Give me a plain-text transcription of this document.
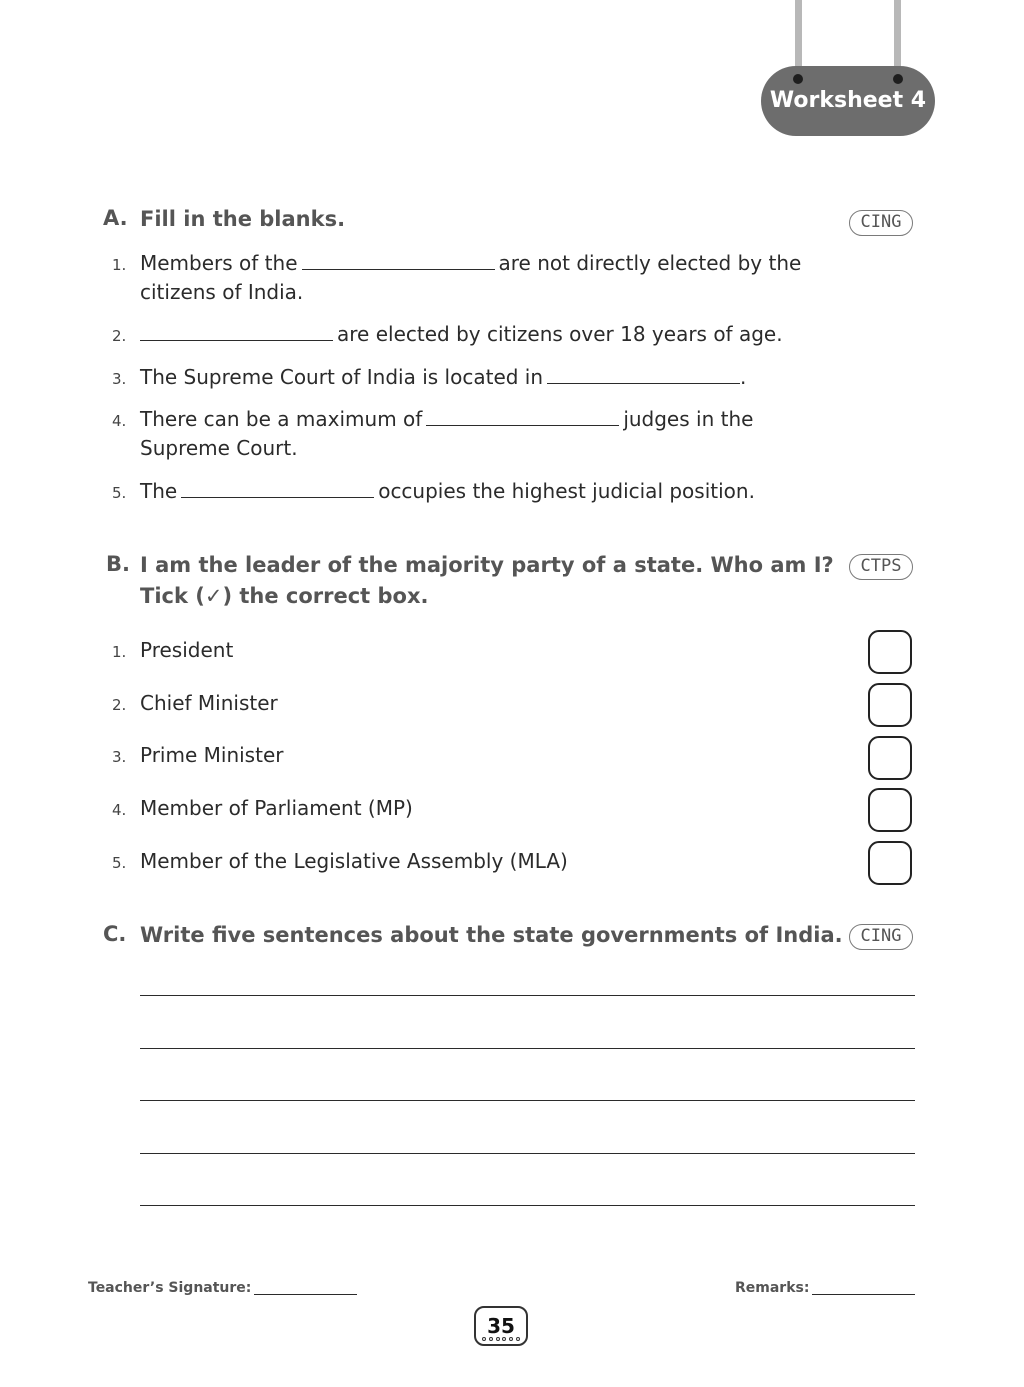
Worksheet 4
A. Fill in the blanks.	CING
1. Members of the	are not directly elected by the
citizens of India.
2.	are elected by citizens over 18 years of age.
3. The Supreme Court of India is located in	.
4. There can be a maximum of	judges in the
Supreme Court.
5. The	occupies the highest judicial position.
B. I am the leader of the majority party of a state. Who am I?
Tick (✓) the correct box.
CTPS
1. President
2. Chief Minister
3. Prime Minister
4. Member of Parliament (MP)
5. Member of the Legislative Assembly (MLA)
C. Write five sentences about the state governments of India.	CING
Teacher’s Signature:	Remarks:
35
